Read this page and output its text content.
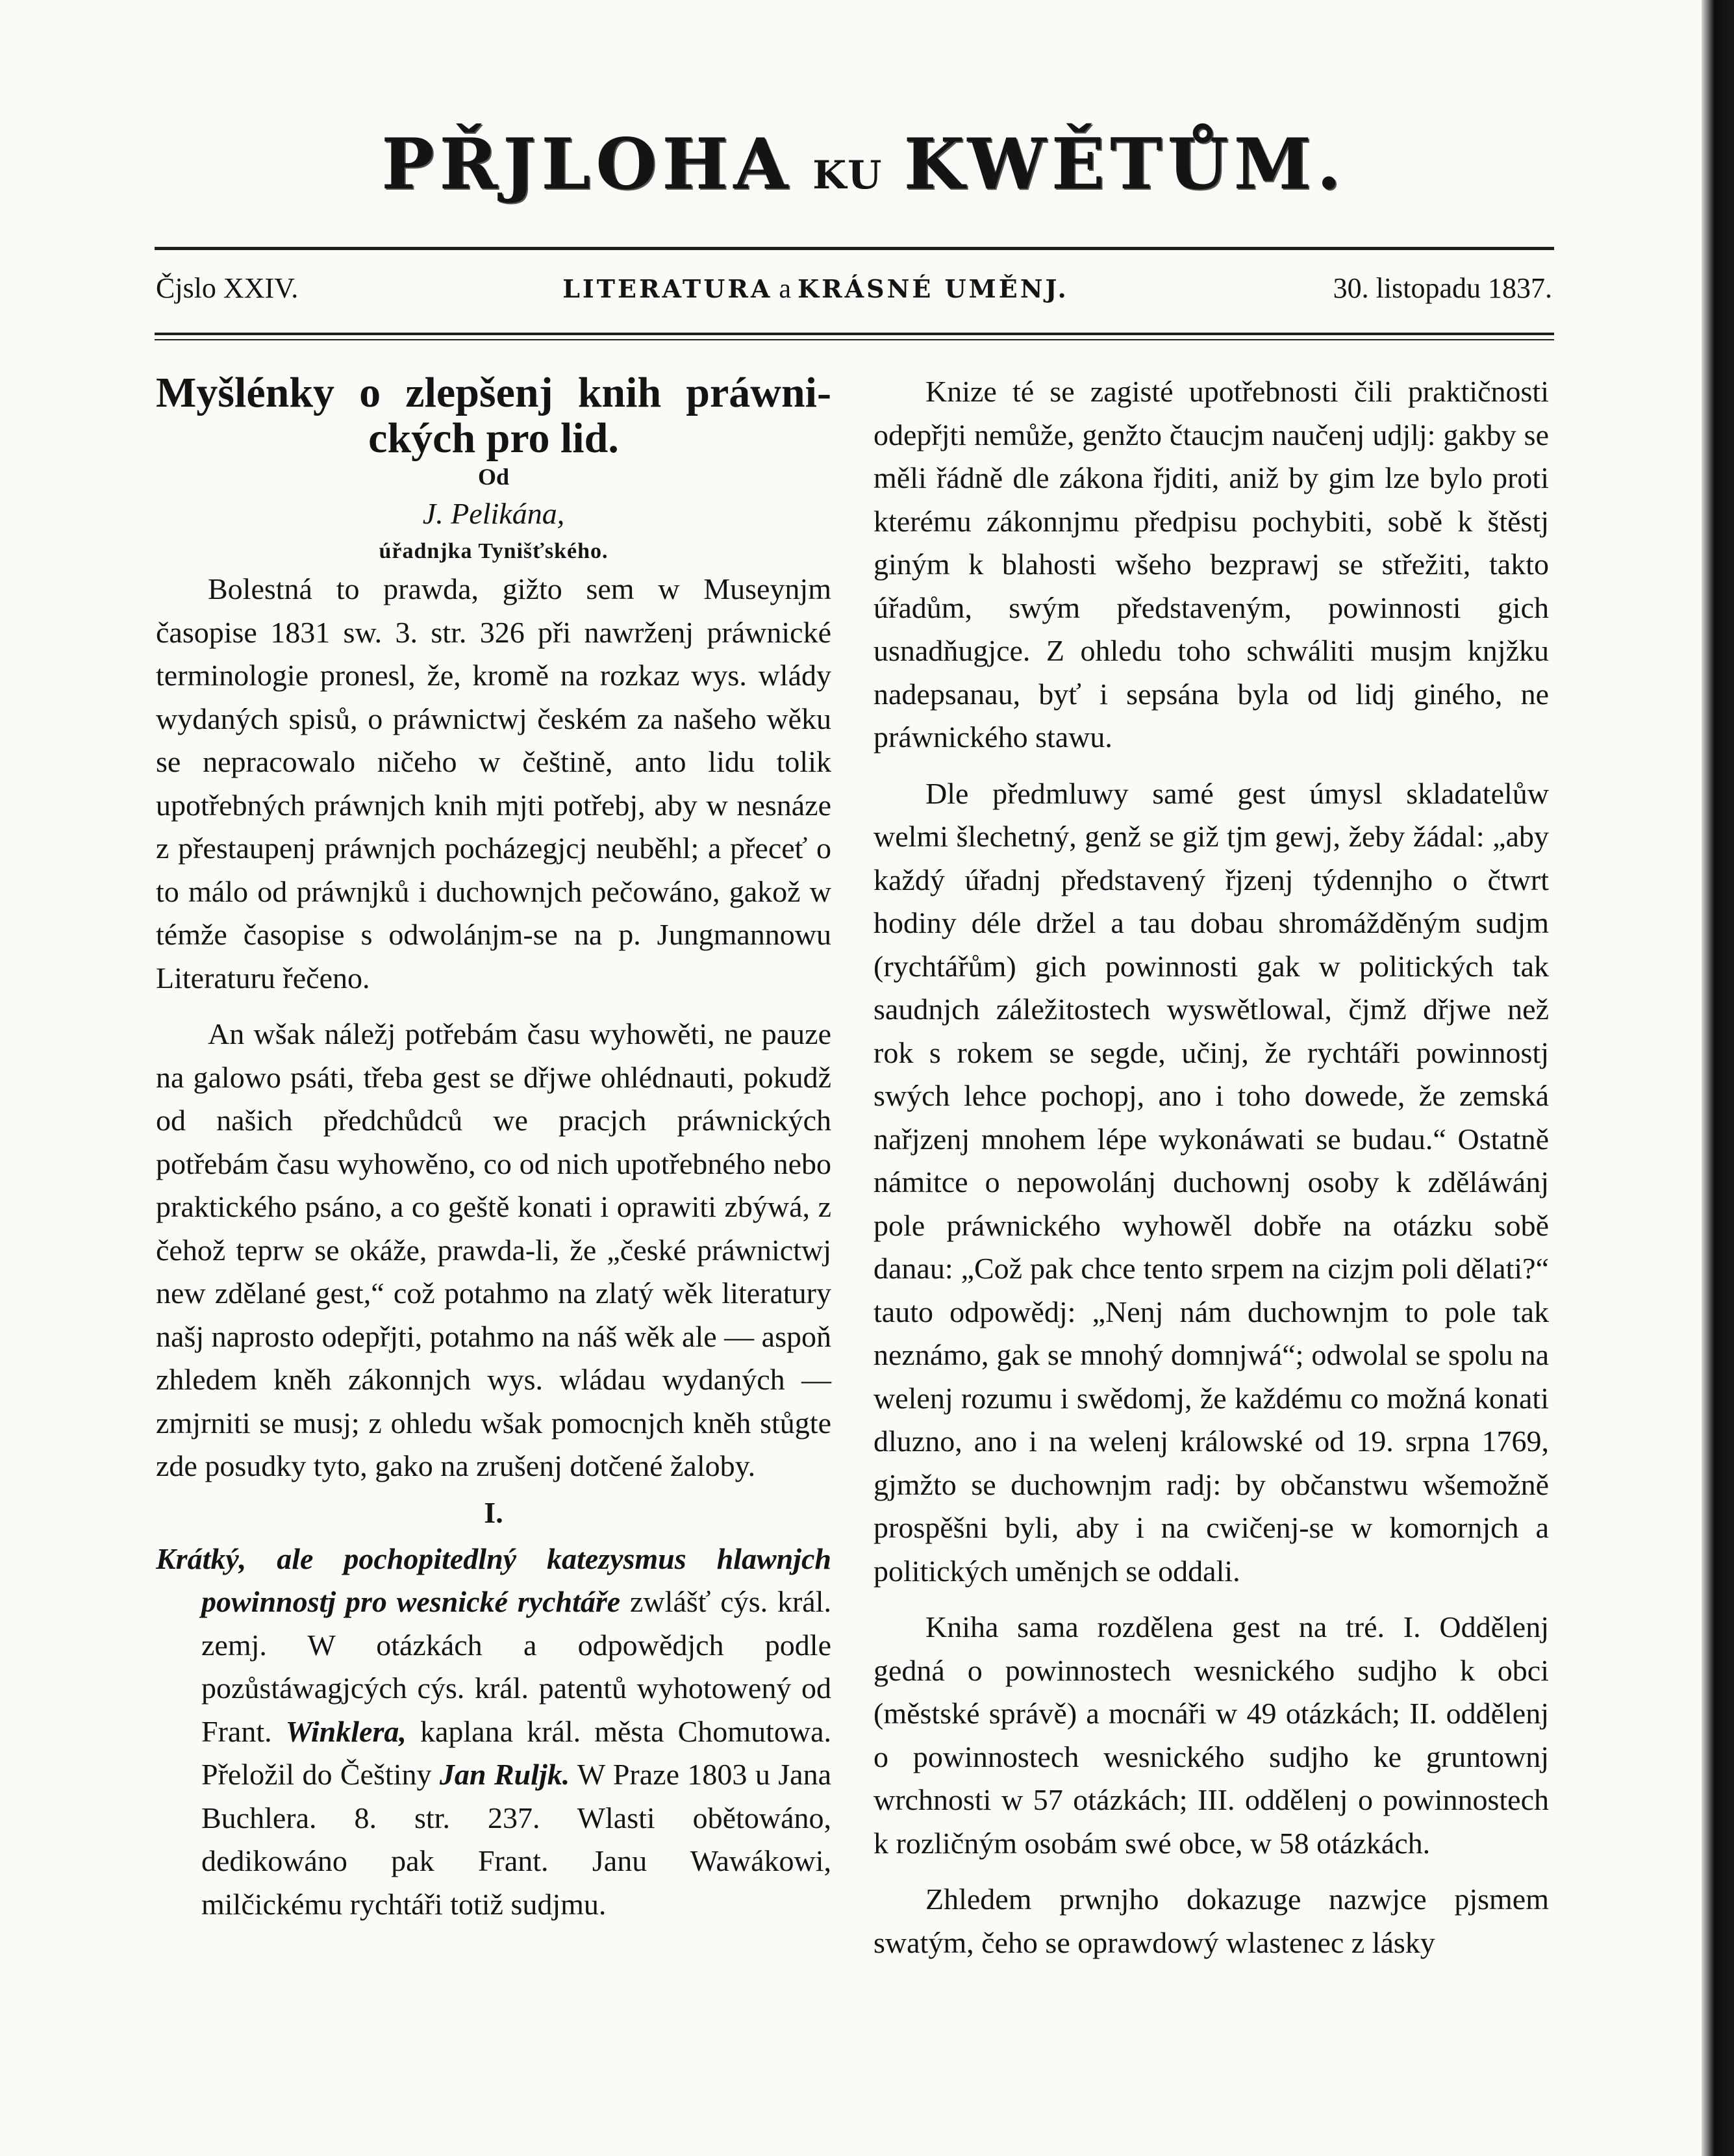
PŘJLOHA KU KWĚTŮM.
Čjslo XXIV.	LITERATURA a KRÁSNÉ UMĚNJ.	30. listopadu 1837.
Myšlénky o zlepšenj knih práwni-
ckých pro lid.
Od
J. Pelikána,
úřadnjka Tynišťského.

Bolestná to prawda, gižto sem w Museynjm časopise 1831 sw. 3. str. 326 při nawrženj práwnické terminologie pronesl, že, kromě na rozkaz wys. wlády wydaných spisů, o práwnictwj českém za našeho wěku se nepracowalo ničeho w češtině, anto lidu tolik upotřebných práwnjch knih mjti potřebj, aby w nesnáze z přestaupenj práwnjch pocházegjcj neuběhl; a přeceť o to málo od práwnjků i duchownjch pečowáno, gakož w témže časopise s odwolánjm-se na p. Jungmannowu Literaturu řečeno.

An wšak náležj potřebám času wyhowěti, ne pauze na galowo psáti, třeba gest se dřjwe ohlédnauti, pokudž od našich předchůdců we pracjch práwnických potřebám času wyhowěno, co od nich upotřebného nebo praktického psáno, a co geště konati i oprawiti zbýwá, z čehož teprw se okáže, prawda-li, že „české práwnictwj new zdělané gest,“ což potahmo na zlatý wěk literatury našj naprosto odepřjti, potahmo na náš wěk ale — aspoň zhledem kněh zákonnjch wys. wládau wydaných — zmjrniti se musj; z ohledu wšak pomocnjch kněh stůgte zde posudky tyto, gako na zrušenj dotčené žaloby.

I.

Krátký, ale pochopitedlný katezysmus hlawnjch powinnostj pro wesnické rychtáře zwlášť cýs. král. zemj. W otázkách a odpowědjch podle pozůstáwagjcých cýs. král. patentů wyhotowený od Frant. Winklera, kaplana král. města Chomutowa. Přeložil do Češtiny Jan Ruljk. W Praze 1803 u Jana Buchlera. 8. str. 237. Wlasti obětowáno, dedikowáno pak Frant. Janu Wawákowi, milčickému rychtáři totiž sudjmu.

Knize té se zagisté upotřebnosti čili praktičnosti odepřjti nemůže, genžto čtaucjm naučenj udjlj: gakby se měli řádně dle zákona řjditi, aniž by gim lze bylo proti kterému zákonnjmu předpisu pochybiti, sobě k štěstj giným k blahosti wšeho bezprawj se střežiti, takto úřadům, swým představeným, powinnosti gich usnadňugjce. Z ohledu toho schwáliti musjm knjžku nadepsanau, byť i sepsána byla od lidj giného, ne práwnického stawu.

Dle předmluwy samé gest úmysl skladatelůw welmi šlechetný, genž se giž tjm gewj, žeby žádal: „aby každý úřadnj představený řjzenj týdennjho o čtwrt hodiny déle držel a tau dobau shromážděným sudjm (rychtářům) gich powinnosti gak w politických tak saudnjch záležitostech wyswětlowal, čjmž dřjwe než rok s rokem se segde, učinj, že rychtáři powinnostj swých lehce pochopj, ano i toho dowede, že zemská nařjzenj mnohem lépe wykonáwati se budau.“ Ostatně námitce o nepowolánj duchownj osoby k zděláwánj pole práwnického wyhowěl dobře na otázku sobě danau: „Což pak chce tento srpem na cizjm poli dělati?“ tauto odpowědj: „Nenj nám duchownjm to pole tak neznámo, gak se mnohý domnjwá“; odwolal se spolu na welenj rozumu i swědomj, že každému co možná konati dluzno, ano i na welenj králowské od 19. srpna 1769, gjmžto se duchownjm radj: by občanstwu wšemožně prospěšni byli, aby i na cwičenj-se w komornjch a politických uměnjch se oddali.

Kniha sama rozdělena gest na tré. I. Oddělenj gedná o powinnostech wesnického sudjho k obci (městské správě) a mocnáři w 49 otázkách; II. oddělenj o powinnostech wesnického sudjho ke gruntownj wrchnosti w 57 otázkách; III. oddělenj o powinnostech k rozličným osobám swé obce, w 58 otázkách.

Zhledem prwnjho dokazuge nazwjce pjsmem swatým, čeho se oprawdowý wlastenec z lásky
